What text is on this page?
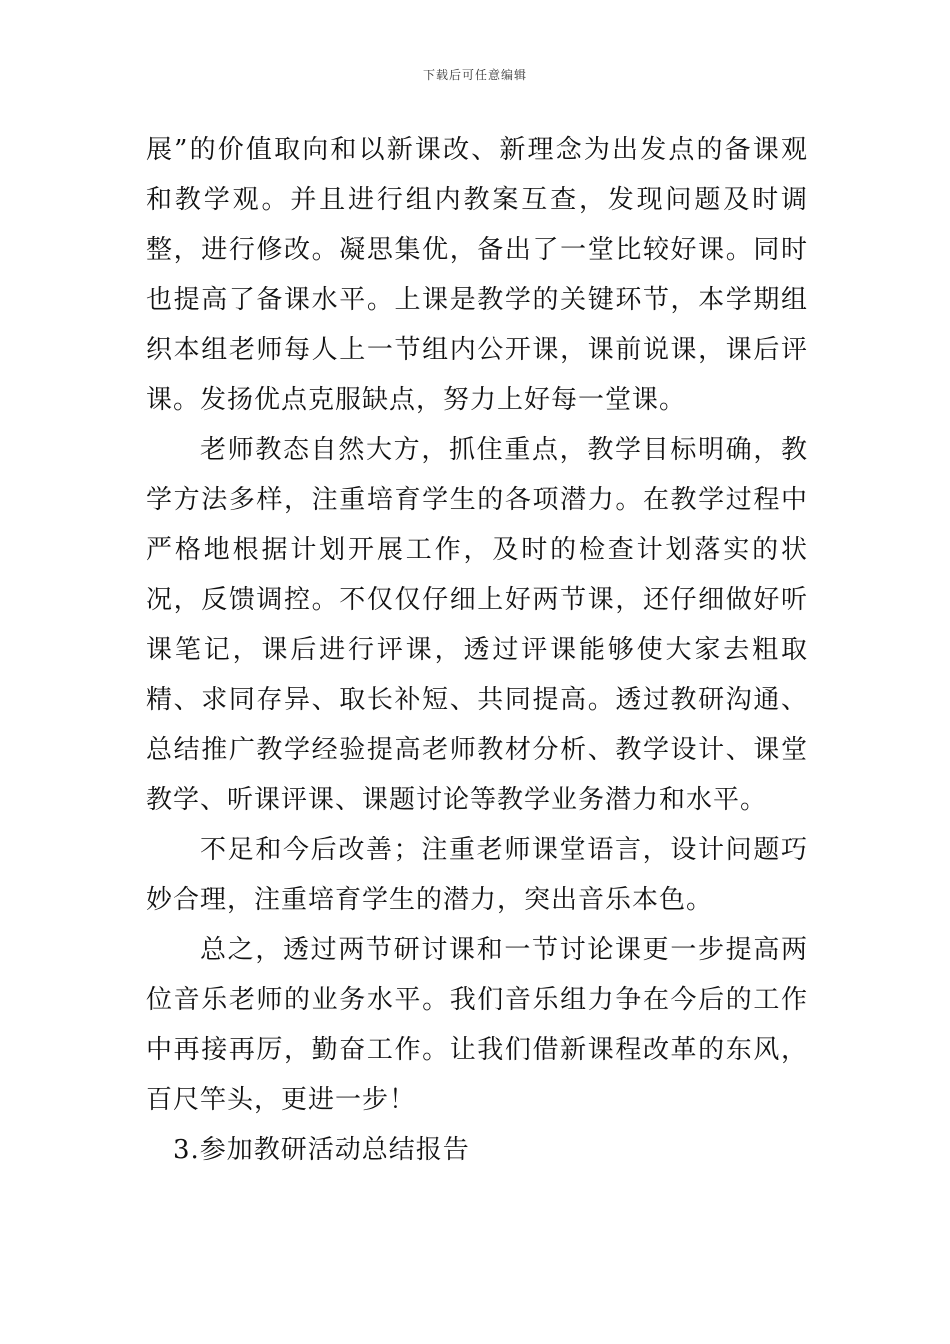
下载后可任意编辑

展”的价值取向和以新课改、新理念为出发点的备课观和教学观。并且进行组内教案互查，发现问题及时调整，进行修改。凝思集优，备出了一堂比较好课。同时也提高了备课水平。上课是教学的关键环节，本学期组织本组老师每人上一节组内公开课，课前说课，课后评课。发扬优点克服缺点，努力上好每一堂课。

老师教态自然大方，抓住重点，教学目标明确，教学方法多样，注重培育学生的各项潜力。在教学过程中严格地根据计划开展工作，及时的检查计划落实的状况，反馈调控。不仅仅仔细上好两节课，还仔细做好听课笔记，课后进行评课，透过评课能够使大家去粗取精、求同存异、取长补短、共同提高。透过教研沟通、总结推广教学经验提高老师教材分析、教学设计、课堂教学、听课评课、课题讨论等教学业务潜力和水平。

不足和今后改善；注重老师课堂语言，设计问题巧妙合理，注重培育学生的潜力，突出音乐本色。

总之，透过两节研讨课和一节讨论课更一步提高两位音乐老师的业务水平。我们音乐组力争在今后的工作中再接再厉，勤奋工作。让我们借新课程改革的东风，百尺竿头，更进一步！

3.参加教研活动总结报告
